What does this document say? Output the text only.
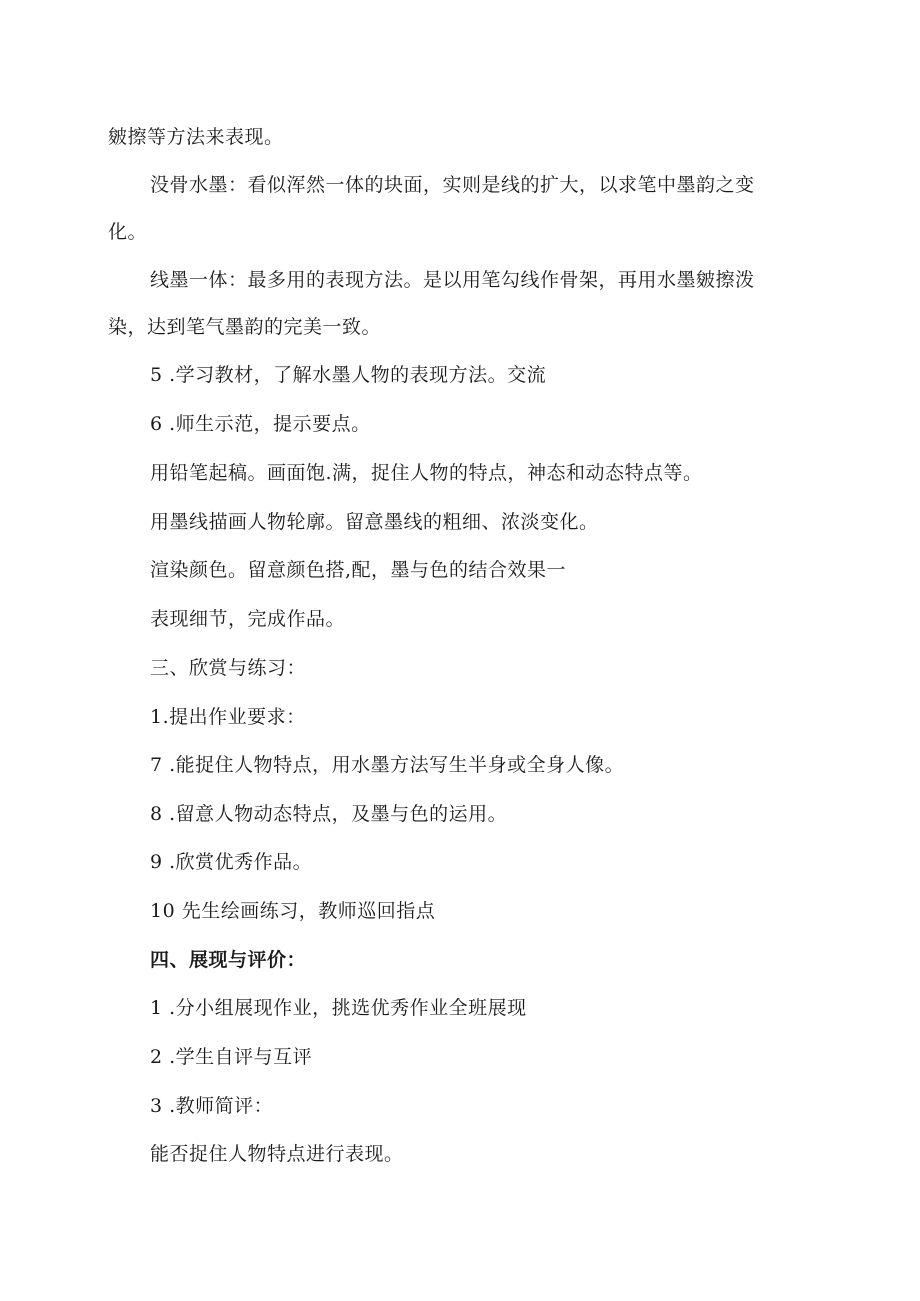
皴擦等方法来表现。
没骨水墨：看似浑然一体的块面，实则是线的扩大，以求笔中墨韵之变
化。
线墨一体：最多用的表现方法。是以用笔勾线作骨架，再用水墨皴擦泼
染，达到笔气墨韵的完美一致。
5 .学习教材，了解水墨人物的表现方法。交流
6 .师生示范，提示要点。
用铅笔起稿。画面饱.满，捉住人物的特点，神态和动态特点等。
用墨线描画人物轮廓。留意墨线的粗细、浓淡变化。
渲染颜色。留意颜色搭,配，墨与色的结合效果一
表现细节，完成作品。
三、欣赏与练习：
1.提出作业要求：
7 .能捉住人物特点，用水墨方法写生半身或全身人像。
8 .留意人物动态特点，及墨与色的运用。
9 .欣赏优秀作品。
10 先生绘画练习，教师巡回指点
四、展现与评价：
1 .分小组展现作业，挑选优秀作业全班展现
2 .学生自评与互评
3 .教师简评：
能否捉住人物特点进行表现。
